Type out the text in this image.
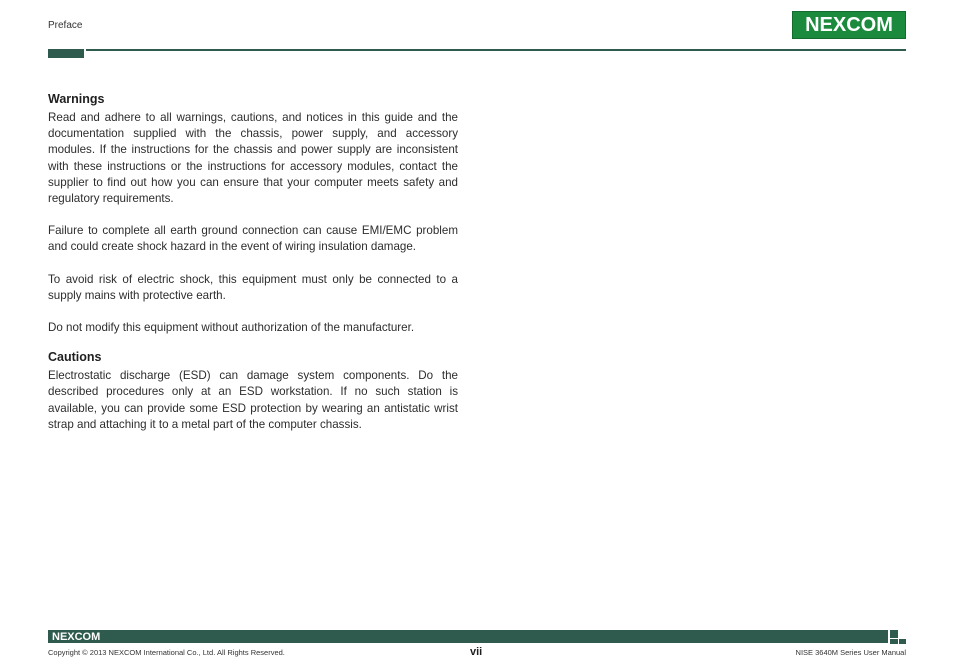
Preface	NEXCOM
Warnings

Read and adhere to all warnings, cautions, and notices in this guide and the documentation supplied with the chassis, power supply, and accessory modules. If the instructions for the chassis and power supply are inconsistent with these instructions or the instructions for accessory modules, contact the supplier to find out how you can ensure that your computer meets safety and regulatory requirements.

Failure to complete all earth ground connection can cause EMI/EMC problem and could create shock hazard in the event of wiring insulation damage.

To avoid risk of electric shock, this equipment must only be connected to a supply mains with protective earth.

Do not modify this equipment without authorization of the manufacturer.

Cautions

Electrostatic discharge (ESD) can damage system components. Do the described procedures only at an ESD workstation. If no such station is available, you can provide some ESD protection by wearing an antistatic wrist strap and attaching it to a metal part of the computer chassis.

NEXCOM
Copyright © 2013 NEXCOM International Co., Ltd. All Rights Reserved.	vii	NISE 3640M Series User Manual
